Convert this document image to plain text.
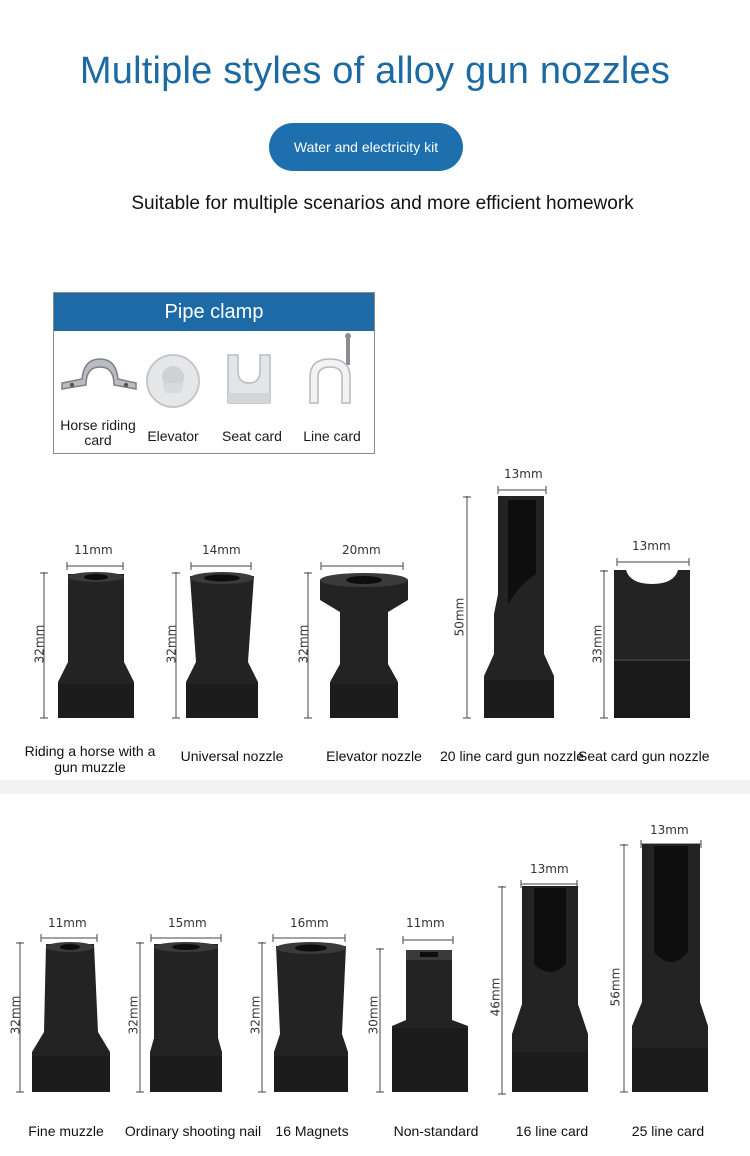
Multiple styles of alloy gun nozzles
Water and electricity kit
Suitable for multiple scenarios and more efficient homework
Pipe clamp
Horse riding card	Elevator	Seat card	Line card
11mm
32mm
Riding a horse with a gun muzzle
14mm
32mm
Universal nozzle
20mm
32mm
Elevator nozzle
13mm
50mm
20 line card gun nozzle
13mm
33mm
Seat card gun nozzle
11mm
32mm
Fine muzzle
15mm
32mm
Ordinary shooting nail
16mm
32mm
16 Magnets
11mm
30mm
Non-standard
13mm
46mm
16 line card
13mm
56mm
25 line card
